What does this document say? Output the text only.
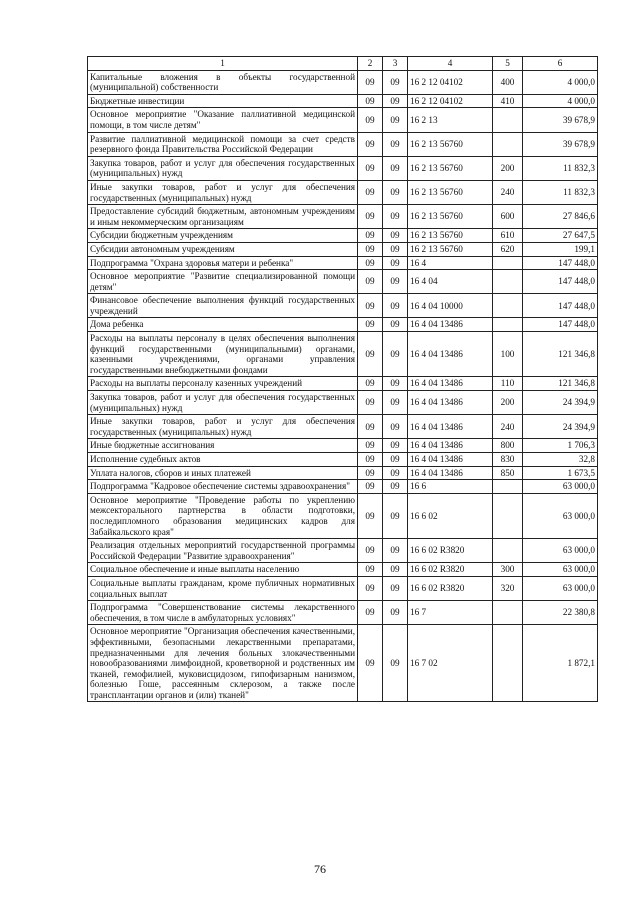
1	2	3	4	5	6
Капитальные вложения в объекты государственной (муниципальной) собственности	09	09	16 2 12 04102	400	4 000,0
Бюджетные инвестиции	09	09	16 2 12 04102	410	4 000,0
Основное мероприятие "Оказание паллиативной медицинской помощи, в том числе детям"	09	09	16 2 13		39 678,9
Развитие паллиативной медицинской помощи за счет средств резервного фонда Правительства Российской Федерации	09	09	16 2 13 56760		39 678,9
Закупка товаров, работ и услуг для обеспечения государственных (муниципальных) нужд	09	09	16 2 13 56760	200	11 832,3
Иные закупки товаров, работ и услуг для обеспечения государственных (муниципальных) нужд	09	09	16 2 13 56760	240	11 832,3
Предоставление субсидий бюджетным, автономным учреждениям и иным некоммерческим организациям	09	09	16 2 13 56760	600	27 846,6
Субсидии бюджетным учреждениям	09	09	16 2 13 56760	610	27 647,5
Субсидии автономным учреждениям	09	09	16 2 13 56760	620	199,1
Подпрограмма "Охрана здоровья матери и ребенка"	09	09	16 4		147 448,0
Основное мероприятие "Развитие специализированной помощи детям"	09	09	16 4 04		147 448,0
Финансовое обеспечение выполнения функций государственных учреждений	09	09	16 4 04 10000		147 448,0
Дома ребенка	09	09	16 4 04 13486		147 448,0
Расходы на выплаты персоналу в целях обеспечения выполнения функций государственными (муниципальными) органами, казенными учреждениями, органами управления государственными внебюджетными фондами	09	09	16 4 04 13486	100	121 346,8
Расходы на выплаты персоналу казенных учреждений	09	09	16 4 04 13486	110	121 346,8
Закупка товаров, работ и услуг для обеспечения государственных (муниципальных) нужд	09	09	16 4 04 13486	200	24 394,9
Иные закупки товаров, работ и услуг для обеспечения государственных (муниципальных) нужд	09	09	16 4 04 13486	240	24 394,9
Иные бюджетные ассигнования	09	09	16 4 04 13486	800	1 706,3
Исполнение судебных актов	09	09	16 4 04 13486	830	32,8
Уплата налогов, сборов и иных платежей	09	09	16 4 04 13486	850	1 673,5
Подпрограмма "Кадровое обеспечение системы здравоохранения"	09	09	16 6		63 000,0
Основное мероприятие "Проведение работы по укреплению межсекторального партнерства в области подготовки, последипломного образования медицинских кадров для Забайкальского края"	09	09	16 6 02		63 000,0
Реализация отдельных мероприятий государственной программы Российской Федерации "Развитие здравоохранения"	09	09	16 6 02 R3820		63 000,0
Социальное обеспечение и иные выплаты населению	09	09	16 6 02 R3820	300	63 000,0
Социальные выплаты гражданам, кроме публичных нормативных социальных выплат	09	09	16 6 02 R3820	320	63 000,0
Подпрограмма "Совершенствование системы лекарственного обеспечения, в том числе в амбулаторных условиях"	09	09	16 7		22 380,8
Основное мероприятие "Организация обеспечения качественными, эффективными, безопасными лекарственными препаратами, предназначенными для лечения больных злокачественными новообразованиями лимфоидной, кроветворной и родственных им тканей, гемофилией, муковисцидозом, гипофизарным нанизмом, болезнью Гоше, рассеянным склерозом, а также после трансплантации органов и (или) тканей"	09	09	16 7 02		1 872,1
76
